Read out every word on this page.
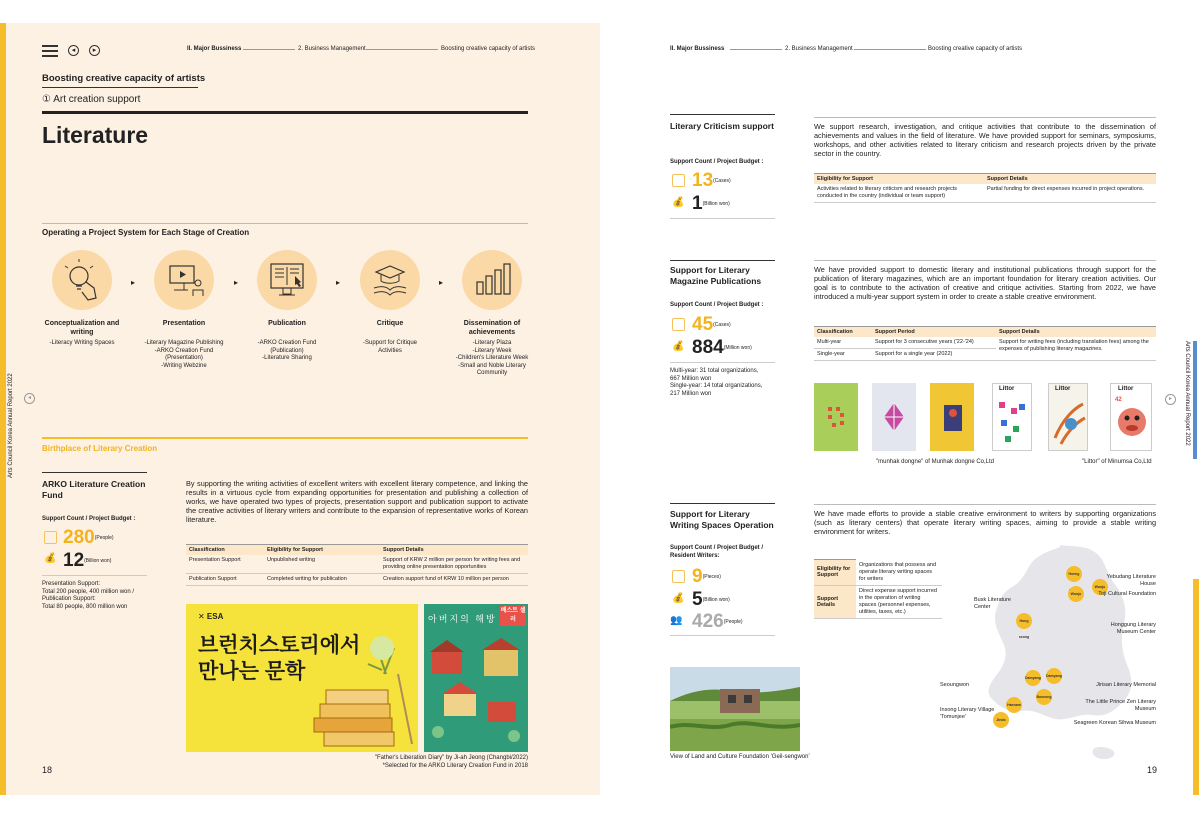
◂	▸	II. Major Bussiness	2. Business Management	Boosting creative capacity of artists
Boosting creative capacity of artists
① Art creation support
Literature
Operating a Project System for Each Stage of Creation
▸	▸	▸	▸
Conceptualization and writing
Presentation	Publication	Critique	Dissemination of achievements
-Literacy Writing Spaces	-Literary Magazine Publishing
-ARKO Creation Fund
(Presentation)
-Writing Webzine
-ARKO Creation Fund
(Publication)
-Literature Sharing
-Support for Critique
Activities
-Literary Plaza
-Literary Week
-Children's Literature Week
-Small and Noble Literary
Community
◂
Arts Council Korea Annual Report 2022	Birthplace of Literary Creation
ARKO Literature Creation Fund
Support Count / Project Budget :
280(People)
💰 12(Billion won)
Presentation Support:
Total 200 people, 400 million won /
Publication Support:
Total 80 people, 800 million won
By supporting the writing activities of excellent writers with excellent literary competence, and linking the results in a virtuous cycle from expanding opportunities for presentation and publishing a collection of works, we have operated two types of projects, presentation support and publication support to activate the creative activities of literary writers and contribute to the expansion of representative works of Korean literature.
Classification	Eligibility for Support	Support Details
Presentation Support	Unpublished writing	Support of KRW 2 million per person for writing fees and providing online presentation opportunities
Publication Support	Completed writing for publication	Creation support fund of KRW 10 million per person
✕ ESA
브런치스토리에서
만나는 문학
아버지의 해방
베스트 셀러
"Father's Liberation Diary" by Ji-ah Jeong (Changbi/2022)
*Selected for the ARKO Literary Creation Fund in 2018
18
II. Major Bussiness	2. Business Management	Boosting creative capacity of artists
▸	Arts Council Korea Annual Report 2022
Literary Criticism support
Support Count / Project Budget :
13(Cases)
💰 1(Billion won)
We support research, investigation, and critique activities that contribute to the dissemination of achievements and values in the field of literature. We have provided support for seminars, symposiums, workshops, and other activities related to literary criticism and research projects driven by the private sector in the country.
Eligibility for Support	Support Details
Activities related to literary criticism and research projects conducted in the country (individual or team support)	Partial funding for direct expenses incurred in project operations.
Support for Literary Magazine Publications
Support Count / Project Budget :
45(Cases)
💰 884(Million won)
Multi-year: 31 total organizations,
667 Million won
Single-year: 14 total organizations,
217 Million won
We have provided support to domestic literary and institutional publications through support for the publication of literary magazines, which are an important foundation for literary creation activities. Our goal is to contribute to the activation of creative and critique activities. Starting from 2022, we have introduced a multi-year support system in order to create a stable creative environment.
Classification	Support Period	Support Details
Multi-year	Support for 3 consecutive years ('22-'24)	Support for writing fees (including translation fees) among the expenses of publishing literary magazines.
Single-year	Support for a single year (2022)	
Littor	Littor	Littor
42
"munhak dongne" of Munhak dongne Co,Ltd	"Littor" of Minumsa Co,Ltd
Support for Literary Writing Spaces Operation
Support Count / Project Budget / Resident Writers:
9(Pieces)
💰 5(Billion won)
👥 426(People)
We have made efforts to provide a stable creative environment to writers by supporting organizations (such as literary centers) that operate literary writing spaces, aiming to provide a stable writing environment for writers.
Eligibility for Support	Organizations that possess and operate literary writing spaces for writers
Support Details	Direct expense support incurred in the operation of writing spaces (personnel expenses, utilities, taxes, etc.)
Hoeng
Wonju
Wonju
Hong seong
Damyang Damyang
Boseong
Haenam
Jindo
Yebudang Literature House
Toji Cultural Foundation
Busk Literature Center
Honggung Literary Museum Center
Seoungwon	Jirisan Literary Memorial
The Little Prince Zen Literary Museum
Insong Literary Village 'Tomunjee'
Seagreen Korean Sihwa Museum
View of Land and Culture Foundation 'Geil-sengwon'
19
